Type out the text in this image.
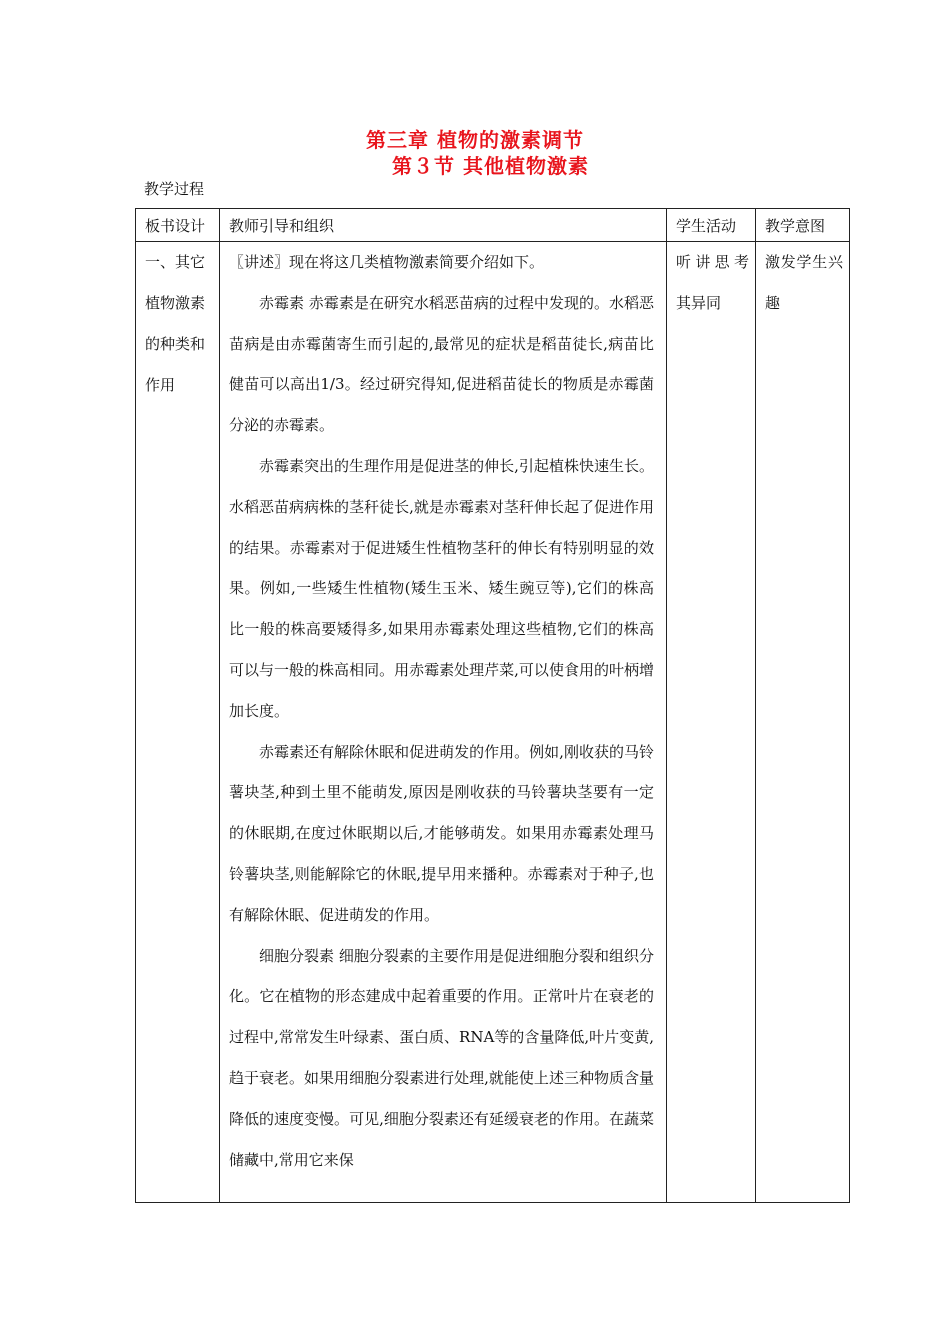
第三章 植物的激素调节
第３节 其他植物激素
教学过程
板书设计	教师引导和组织	学生活动	教学意图

一、其它植物激素的种类和作用	〖讲述〗现在将这几类植物激素简要介绍如下。

赤霉素 赤霉素是在研究水稻恶苗病的过程中发现的。水稻恶苗病是由赤霉菌寄生而引起的,最常见的症状是稻苗徒长,病苗比健苗可以高出1/3。经过研究得知,促进稻苗徒长的物质是赤霉菌分泌的赤霉素。

赤霉素突出的生理作用是促进茎的伸长,引起植株快速生长。水稻恶苗病病株的茎秆徒长,就是赤霉素对茎秆伸长起了促进作用的结果。赤霉素对于促进矮生性植物茎秆的伸长有特别明显的效果。例如,一些矮生性植物(矮生玉米、矮生豌豆等),它们的株高比一般的株高要矮得多,如果用赤霉素处理这些植物,它们的株高可以与一般的株高相同。用赤霉素处理芹菜,可以使食用的叶柄增加长度。

赤霉素还有解除休眠和促进萌发的作用。例如,刚收获的马铃薯块茎,种到土里不能萌发,原因是刚收获的马铃薯块茎要有一定的休眠期,在度过休眠期以后,才能够萌发。如果用赤霉素处理马铃薯块茎,则能解除它的休眠,提早用来播种。赤霉素对于种子,也有解除休眠、促进萌发的作用。

细胞分裂素 细胞分裂素的主要作用是促进细胞分裂和组织分化。它在植物的形态建成中起着重要的作用。正常叶片在衰老的过程中,常常发生叶绿素、蛋白质、RNA等的含量降低,叶片变黄,趋于衰老。如果用细胞分裂素进行处理,就能使上述三种物质含量降低的速度变慢。可见,细胞分裂素还有延缓衰老的作用。在蔬菜储藏中,常用它来保	听讲思考其异同	激发学生兴趣
